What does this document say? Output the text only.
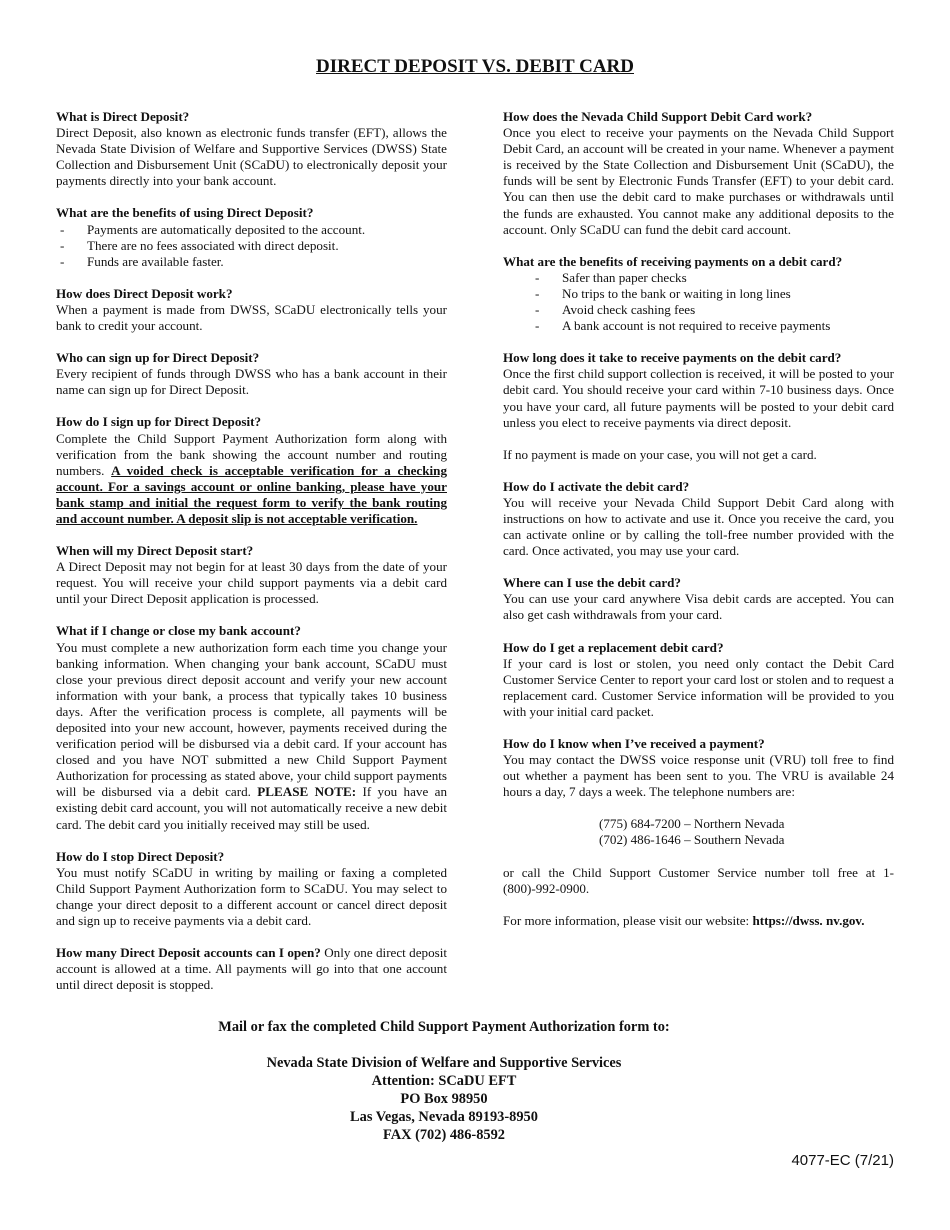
DIRECT DEPOSIT VS. DEBIT CARD
What is Direct Deposit?
Direct Deposit, also known as electronic funds transfer (EFT), allows the Nevada State Division of Welfare and Supportive Services (DWSS) State Collection and Disbursement Unit (SCaDU) to electronically deposit your payments directly into your bank account.
What are the benefits of using Direct Deposit?
- Payments are automatically deposited to the account.
- There are no fees associated with direct deposit.
- Funds are available faster.
How does Direct Deposit work?
When a payment is made from DWSS, SCaDU electronically tells your bank to credit your account.
Who can sign up for Direct Deposit?
Every recipient of funds through DWSS who has a bank account in their name can sign up for Direct Deposit.
How do I sign up for Direct Deposit?
Complete the Child Support Payment Authorization form along with verification from the bank showing the account number and routing numbers. A voided check is acceptable verification for a checking account. For a savings account or online banking, please have your bank stamp and initial the request form to verify the bank routing and account number. A deposit slip is not acceptable verification.
When will my Direct Deposit start?
A Direct Deposit may not begin for at least 30 days from the date of your request. You will receive your child support payments via a debit card until your Direct Deposit application is processed.
What if I change or close my bank account?
You must complete a new authorization form each time you change your banking information. When changing your bank account, SCaDU must close your previous direct deposit account and verify your new account information with your bank, a process that typically takes 10 business days. After the verification process is complete, all payments will be deposited into your new account, however, payments received during the verification period will be disbursed via a debit card. If your account has closed and you have NOT submitted a new Child Support Payment Authorization for processing as stated above, your child support payments will be disbursed via a debit card. PLEASE NOTE: If you have an existing debit card account, you will not automatically receive a new debit card. The debit card you initially received may still be used.
How do I stop Direct Deposit?
You must notify SCaDU in writing by mailing or faxing a completed Child Support Payment Authorization form to SCaDU. You may select to change your direct deposit to a different account or cancel direct deposit and sign up to receive payments via a debit card.
How many Direct Deposit accounts can I open? Only one direct deposit account is allowed at a time. All payments will go into that one account until direct deposit is stopped.
How does the Nevada Child Support Debit Card work?
Once you elect to receive your payments on the Nevada Child Support Debit Card, an account will be created in your name. Whenever a payment is received by the State Collection and Disbursement Unit (SCaDU), the funds will be sent by Electronic Funds Transfer (EFT) to your debit card. You can then use the debit card to make purchases or withdrawals until the funds are exhausted. You cannot make any additional deposits to the account. Only SCaDU can fund the debit card account.
What are the benefits of receiving payments on a debit card?
- Safer than paper checks
- No trips to the bank or waiting in long lines
- Avoid check cashing fees
- A bank account is not required to receive payments
How long does it take to receive payments on the debit card?
Once the first child support collection is received, it will be posted to your debit card. You should receive your card within 7-10 business days. Once you have your card, all future payments will be posted to your debit card unless you elect to receive payments via direct deposit.
If no payment is made on your case, you will not get a card.
How do I activate the debit card?
You will receive your Nevada Child Support Debit Card along with instructions on how to activate and use it. Once you receive the card, you can activate online or by calling the toll-free number provided with the card. Once activated, you may use your card.
Where can I use the debit card?
You can use your card anywhere Visa debit cards are accepted. You can also get cash withdrawals from your card.
How do I get a replacement debit card?
If your card is lost or stolen, you need only contact the Debit Card Customer Service Center to report your card lost or stolen and to request a replacement card. Customer Service information will be provided to you with your initial card packet.
How do I know when I’ve received a payment?
You may contact the DWSS voice response unit (VRU) toll free to find out whether a payment has been sent to you. The VRU is available 24 hours a day, 7 days a week. The telephone numbers are:
(775) 684-7200 – Northern Nevada
(702) 486-1646 – Southern Nevada
or call the Child Support Customer Service number toll free at 1-(800)-992-0900.
For more information, please visit our website: https://dwss. nv.gov.
Mail or fax the completed Child Support Payment Authorization form to:
Nevada State Division of Welfare and Supportive Services
Attention: SCaDU EFT
PO Box 98950
Las Vegas, Nevada 89193-8950
FAX (702) 486-8592
4077-EC (7/21)
